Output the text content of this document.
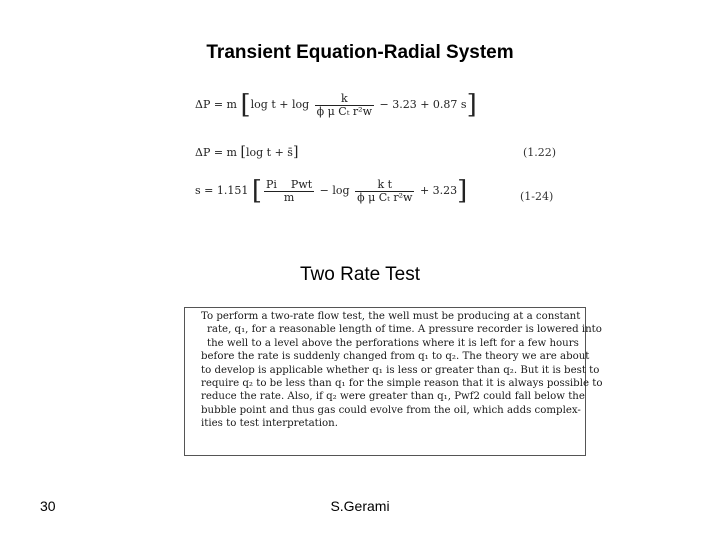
Transient Equation-Radial System
ΔP = m [log $t + \log \frac{k}{\text{ϕ μ Cₜ r²w}} - 3.23 + 0.87$ s]
ΔP = m [log t + s̄]	(1.22)
s = 1.151 [ $\frac{\text{Pi    Pwt}}{m} - \log \frac{\text{k t}}{\text{ϕ μ Cₜ r²w}} + 3.23$]	(1-24)
Two Rate Test
To perform a two-rate flow test, the well must be producing at a constant
rate, q₁, for a reasonable length of time. A pressure recorder is lowered into
the well to a level above the perforations where it is left for a few hours
before the rate is suddenly changed from q₁ to q₂. The theory we are about
to develop is applicable whether q₁ is less or greater than q₂. But it is best to
require q₂ to be less than q₁ for the simple reason that it is always possible to
reduce the rate. Also, if q₂ were greater than q₁, Pwf2 could fall below the
bubble point and thus gas could evolve from the oil, which adds complex-
ities to test interpretation.
30	S.Gerami
